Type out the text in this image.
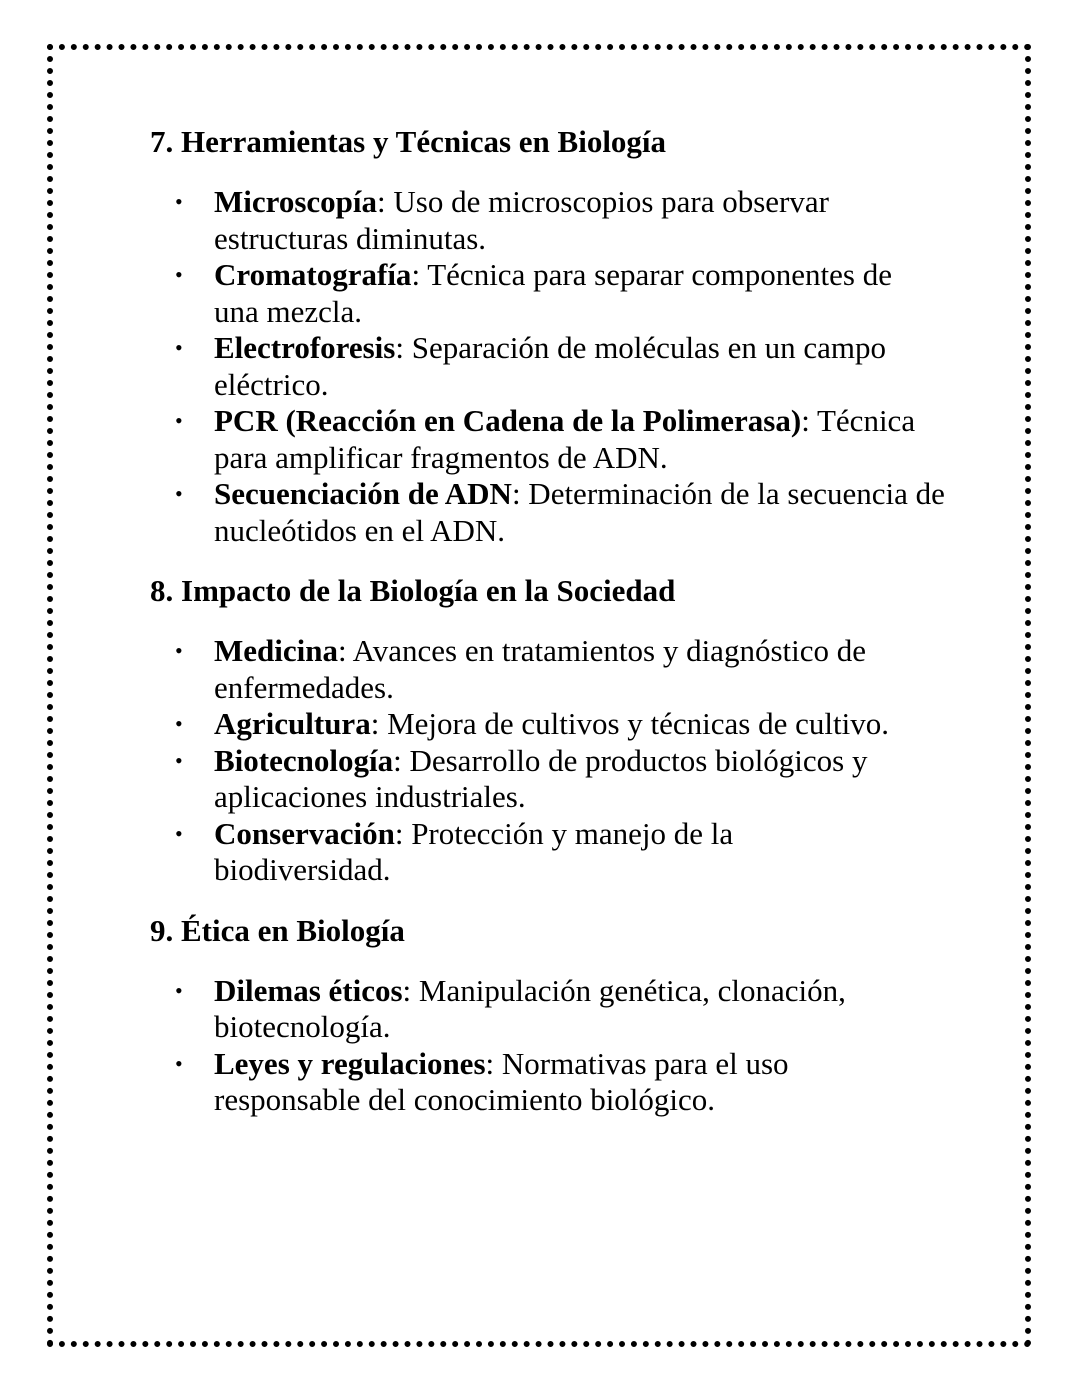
7. Herramientas y Técnicas en Biología
• Microscopía: Uso de microscopios para observar estructuras diminutas.
• Cromatografía: Técnica para separar componentes de una mezcla.
• Electroforesis: Separación de moléculas en un campo eléctrico.
• PCR (Reacción en Cadena de la Polimerasa): Técnica para amplificar fragmentos de ADN.
• Secuenciación de ADN: Determinación de la secuencia de nucleótidos en el ADN.
8. Impacto de la Biología en la Sociedad
• Medicina: Avances en tratamientos y diagnóstico de enfermedades.
• Agricultura: Mejora de cultivos y técnicas de cultivo.
• Biotecnología: Desarrollo de productos biológicos y aplicaciones industriales.
• Conservación: Protección y manejo de la biodiversidad.
9. Ética en Biología
• Dilemas éticos: Manipulación genética, clonación, biotecnología.
• Leyes y regulaciones: Normativas para el uso responsable del conocimiento biológico.
